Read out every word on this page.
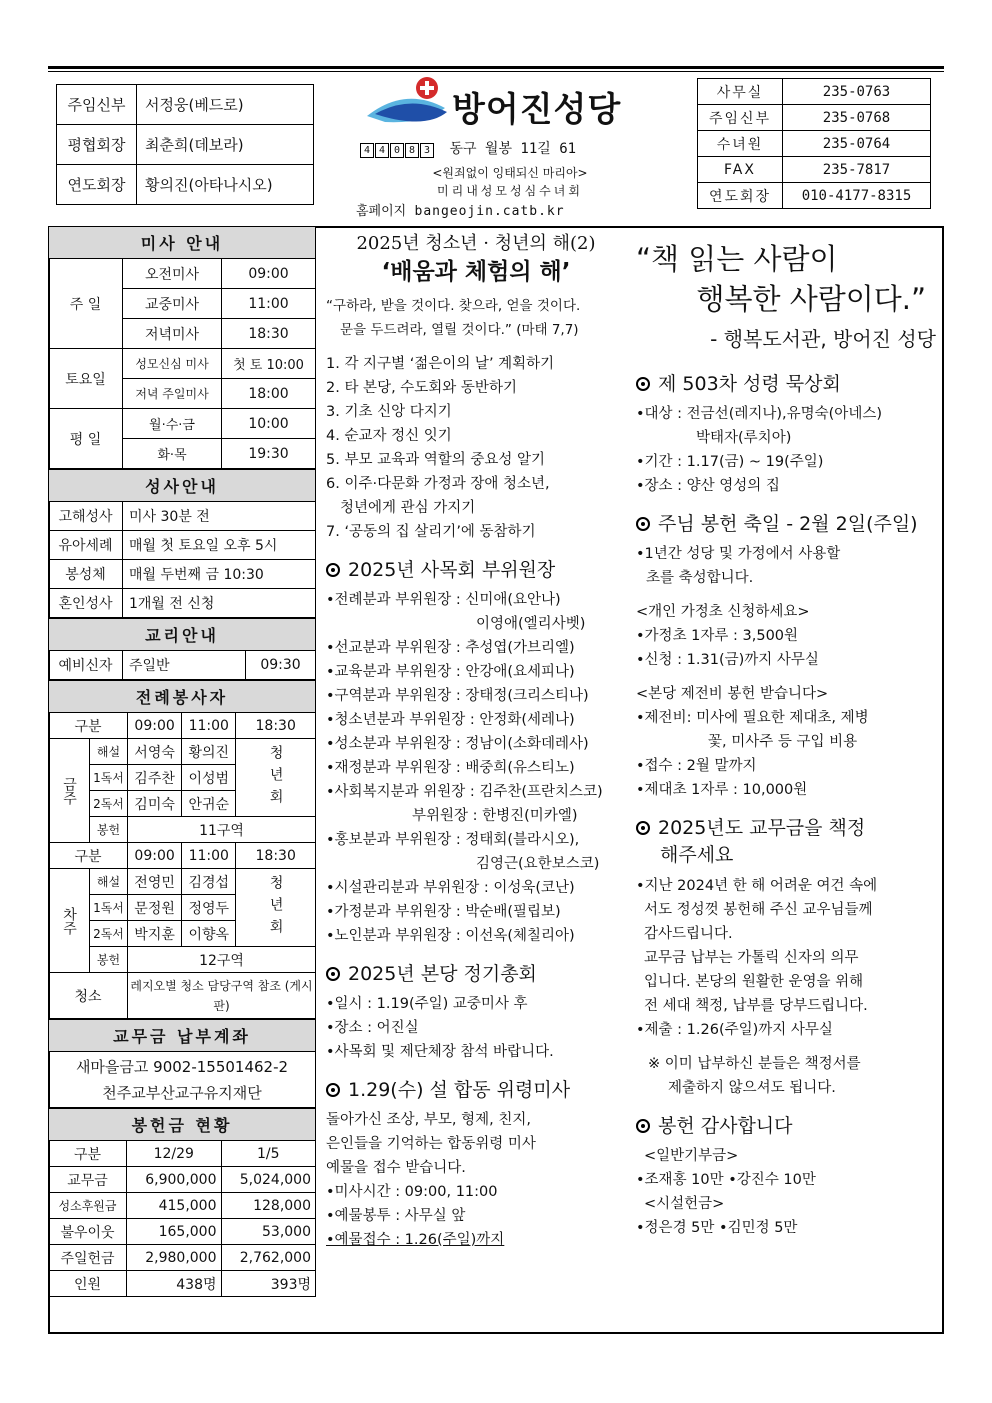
주임신부	서정웅(베드로)
평협회장	최춘희(데보라)
연도회장	황의진(아타나시오)
방어진성당
4 4 0 8 3 동구 월봉 11길 61
<원죄없이 잉태되신 마리아>
미리내성모성심수녀회
홈페이지 bangeojin.catb.kr
사무실	235-0763
주임신부	235-0768
수녀원	235-0764
FAX	235-7817
연도회장	010-4177-8315
미사 안내		
주 일	오전미사	09:00
	교중미사	11:00
	저녁미사	18:30
토요일	성모신심 미사	첫 토 10:00
	저녁 주일미사	18:00
평 일	월·수·금	10:00
	화·목	19:30
성사안내	
고해성사	미사 30분 전
유아세례	매월 첫 토요일 오후 5시
봉성체	매월 두번째 금 10:30
혼인성사	1개월 전 신청
교리안내
예비신자	주일반	09:30
전례봉사자				
구분		09:00	11:00	18:30
금주	해설	서영숙	황의진	청년회
	1독서	김주찬	이성범	
	2독서	김미숙	안귀순	
	봉헌	11구역		
구분		09:00	11:00	18:30
차주	해설	전영민	김경섭	청년회
	1독서	문정원	정영두	
	2독서	박지훈	이향옥	
	봉헌	12구역		
청소		레지오별 청소 담당구역 참조 (게시판)		
교무금 납부계좌

새마을금고 9002-15501462-2
천주교부산교구유지재단
봉헌금 현황		
구분	12/29	1/5
교무금	6,900,000	5,024,000
성소후원금	415,000	128,000
불우이웃	165,000	53,000
주일헌금	2,980,000	2,762,000
인원	438명	393명
2025년 청소년 · 청년의 해(2)
‘배움과 체험의 해’
“구하라, 받을 것이다. 찾으라, 얻을 것이다.
문을 두드려라, 열릴 것이다.” (마태 7,7)
1. 각 지구별 ‘젊은이의 날’ 계획하기
2. 타 본당, 수도회와 동반하기
3. 기초 신앙 다지기
4. 순교자 정신 잇기
5. 부모 교육과 역할의 중요성 알기
6. 이주·다문화 가정과 장애 청소년,
청년에게 관심 가지기
7. ‘공동의 집 살리기’에 동참하기
2025년 사목회 부위원장
•전례분과 부위원장 : 신미애(요안나)
이영애(엘리사벳)
•선교분과 부위원장 : 추성엽(가브리엘)
•교육분과 부위원장 : 안강애(요세피나)
•구역분과 부위원장 : 장태정(크리스티나)
•청소년분과 부위원장 : 안정화(세레나)
•성소분과 부위원장 : 정남이(소화데레사)
•재정분과 부위원장 : 배중희(유스티노)
•사회복지분과 위원장 : 김주찬(프란치스코)
부위원장 : 한병진(미카엘)
•홍보분과 부위원장 : 정태회(블라시오),
김영근(요한보스코)
•시설관리분과 부위원장 : 이성욱(코난)
•가정분과 부위원장 : 박순배(필립보)
•노인분과 부위원장 : 이선옥(체칠리아)
2025년 본당 정기총회
•일시 : 1.19(주일) 교중미사 후
•장소 : 어진실
•사목회 및 제단체장 참석 바랍니다.
1.29(수) 설 합동 위령미사
돌아가신 조상, 부모, 형제, 친지,
은인들을 기억하는 합동위령 미사
예물을 접수 받습니다.
•미사시간 : 09:00, 11:00
•예물봉투 : 사무실 앞
•예물접수 : 1.26(주일)까지
“책 읽는 사람이
행복한 사람이다.”
- 행복도서관, 방어진 성당
제 503차 성령 묵상회
•대상 : 전금선(레지나),유명숙(아네스)
박태자(루치아)
•기간 : 1.17(금) ~ 19(주일)
•장소 : 양산 영성의 집
주님 봉헌 축일 - 2월 2일(주일)
•1년간 성당 및 가정에서 사용할
초를 축성합니다.
<개인 가정초 신청하세요>
•가정초 1자루 : 3,500원
•신청 : 1.31(금)까지 사무실
<본당 제전비 봉헌 받습니다>
•제전비: 미사에 필요한 제대초, 제병
꽃, 미사주 등 구입 비용
•접수 : 2월 말까지
•제대초 1자루 : 10,000원
2025년도 교무금을 책정
해주세요
•지난 2024년 한 해 어려운 여건 속에
서도 정성껏 봉헌해 주신 교우님들께
감사드립니다.
교무금 납부는 가톨릭 신자의 의무
입니다. 본당의 원활한 운영을 위해
전 세대 책정, 납부를 당부드립니다.
•제출 : 1.26(주일)까지 사무실
※ 이미 납부하신 분들은 책정서를
제출하지 않으셔도 됩니다.
봉헌 감사합니다
<일반기부금>
•조재홍 10만 •강진수 10만
<시설헌금>
•정은경 5만 •김민정 5만
